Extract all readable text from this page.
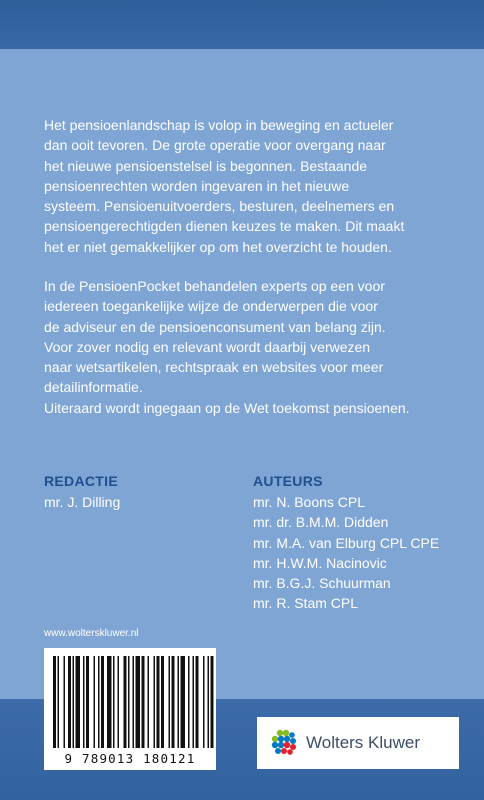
Het pensioenlandschap is volop in beweging en actueler
dan ooit tevoren. De grote operatie voor overgang naar
het nieuwe pensioenstelsel is begonnen. Bestaande
pensioenrechten worden ingevaren in het nieuwe
systeem. Pensioenuitvoerders, besturen, deelnemers en
pensioengerechtigden dienen keuzes te maken. Dit maakt
het er niet gemakkelijker op om het overzicht te houden.

In de PensioenPocket behandelen experts op een voor
iedereen toegankelijke wijze de onderwerpen die voor
de adviseur en de pensioenconsument van belang zijn.
Voor zover nodig en relevant wordt daarbij verwezen
naar wetsartikelen, rechtspraak en websites voor meer
detailinformatie.
Uiteraard wordt ingegaan op de Wet toekomst pensioenen.

REDACTIE
mr. J. Dilling
AUTEURS
mr. N. Boons CPL
mr. dr. B.M.M. Didden
mr. M.A. van Elburg CPL CPE
mr. H.W.M. Nacinovic
mr. B.G.J. Schuurman
mr. R. Stam CPL
www.wolterskluwer.nl
9 789013 180121
Wolters Kluwer
